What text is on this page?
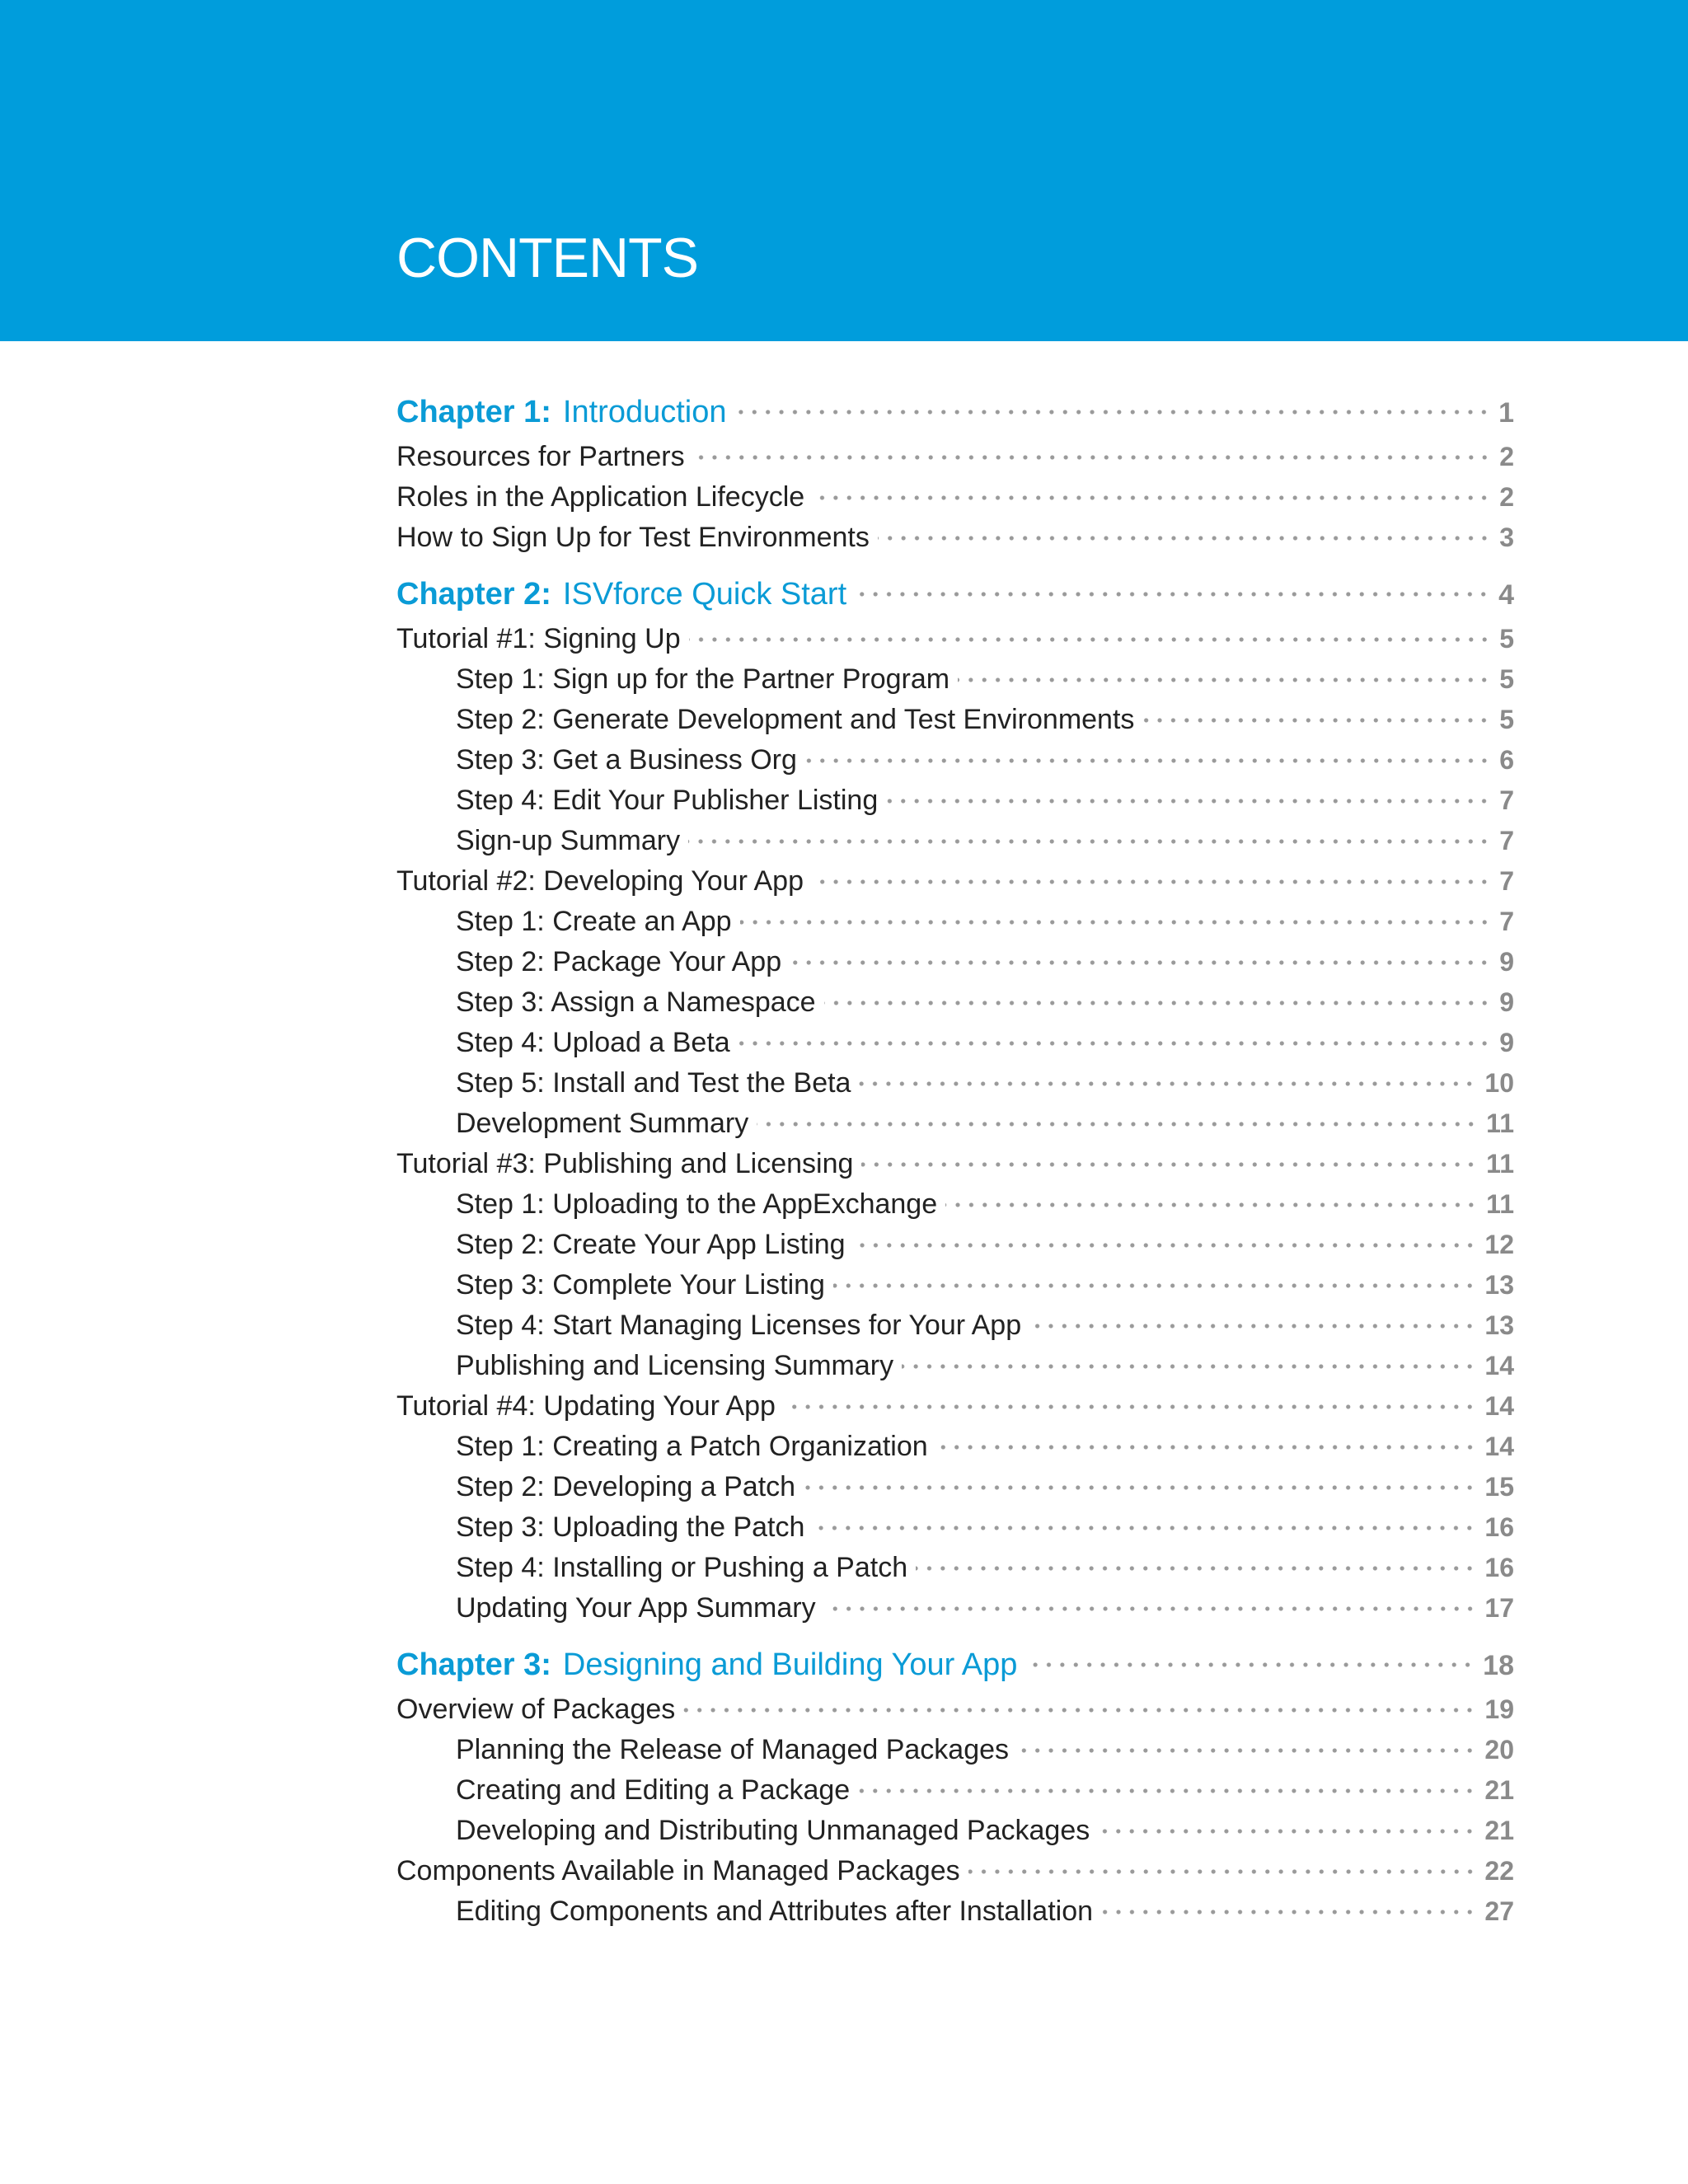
CONTENTS
Chapter 1: Introduction	1
Resources for Partners	2
Roles in the Application Lifecycle	2
How to Sign Up for Test Environments	3
Chapter 2: ISVforce Quick Start	4
Tutorial #1: Signing Up	5
Step 1: Sign up for the Partner Program	5
Step 2: Generate Development and Test Environments	5
Step 3: Get a Business Org	6
Step 4: Edit Your Publisher Listing	7
Sign-up Summary	7
Tutorial #2: Developing Your App	7
Step 1: Create an App	7
Step 2: Package Your App	9
Step 3: Assign a Namespace	9
Step 4: Upload a Beta	9
Step 5: Install and Test the Beta	10
Development Summary	11
Tutorial #3: Publishing and Licensing	11
Step 1: Uploading to the AppExchange	11
Step 2: Create Your App Listing	12
Step 3: Complete Your Listing	13
Step 4: Start Managing Licenses for Your App	13
Publishing and Licensing Summary	14
Tutorial #4: Updating Your App	14
Step 1: Creating a Patch Organization	14
Step 2: Developing a Patch	15
Step 3: Uploading the Patch	16
Step 4: Installing or Pushing a Patch	16
Updating Your App Summary	17
Chapter 3: Designing and Building Your App	18
Overview of Packages	19
Planning the Release of Managed Packages	20
Creating and Editing a Package	21
Developing and Distributing Unmanaged Packages	21
Components Available in Managed Packages	22
Editing Components and Attributes after Installation	27
